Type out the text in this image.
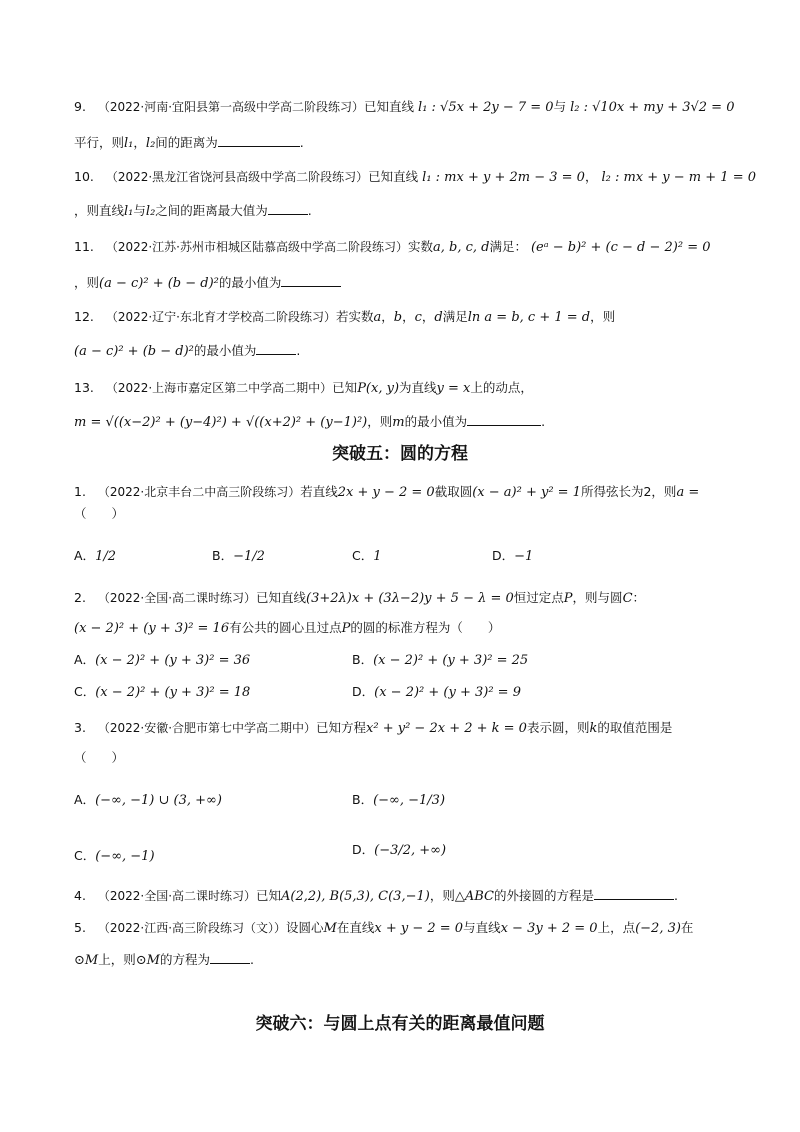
9. （2022·河南·宜阳县第一高级中学高二阶段练习）已知直线 l₁ : √5x + 2y − 7 = 0与 l₂ : √10x + my + 3√2 = 0
平行，则l₁，l₂间的距离为	.
10. （2022·黑龙江省饶河县高级中学高二阶段练习）已知直线 l₁ : mx + y + 2m − 3 = 0， l₂ : mx + y − m + 1 = 0
，则直线l₁与l₂之间的距离最大值为	.
11. （2022·江苏·苏州市相城区陆慕高级中学高二阶段练习）实数a, b, c, d满足： (eᵃ − b)² + (c − d − 2)² = 0
，则(a − c)² + (b − d)²的最小值为
12. （2022·辽宁·东北育才学校高二阶段练习）若实数a，b，c，d满足ln a = b, c + 1 = d，则
(a − c)² + (b − d)²的最小值为	.
13. （2022·上海市嘉定区第二中学高二期中）已知P(x, y)为直线y = x上的动点，
m = √((x−2)² + (y−4)²) + √((x+2)² + (y−1)²)，则m的最小值为	.
突破五：圆的方程
1. （2022·北京丰台二中高三阶段练习）若直线2x + y − 2 = 0截取圆(x − a)² + y² = 1所得弦长为2，则a =
（　　）
A．1/2	B．−1/2	C．1	D．−1
2. （2022·全国·高二课时练习）已知直线(3+2λ)x + (3λ−2)y + 5 − λ = 0恒过定点P，则与圆C：
(x − 2)² + (y + 3)² = 16有公共的圆心且过点P的圆的标准方程为（　　）
A．(x − 2)² + (y + 3)² = 36	B．(x − 2)² + (y + 3)² = 25
C．(x − 2)² + (y + 3)² = 18	D．(x − 2)² + (y + 3)² = 9
3. （2022·安徽·合肥市第七中学高二期中）已知方程x² + y² − 2x + 2 + k = 0表示圆，则k的取值范围是
（　　）
A．(−∞, −1) ∪ (3, +∞)	B．(−∞, −1/3)
C．(−∞, −1)	D．(−3/2, +∞)
4. （2022·全国·高二课时练习）已知A(2,2), B(5,3), C(3,−1)，则△ABC的外接圆的方程是	.
5. （2022·江西·高三阶段练习（文））设圆心M在直线x + y − 2 = 0与直线x − 3y + 2 = 0上，点(−2, 3)在
⊙M上，则⊙M的方程为	.
突破六：与圆上点有关的距离最值问题
